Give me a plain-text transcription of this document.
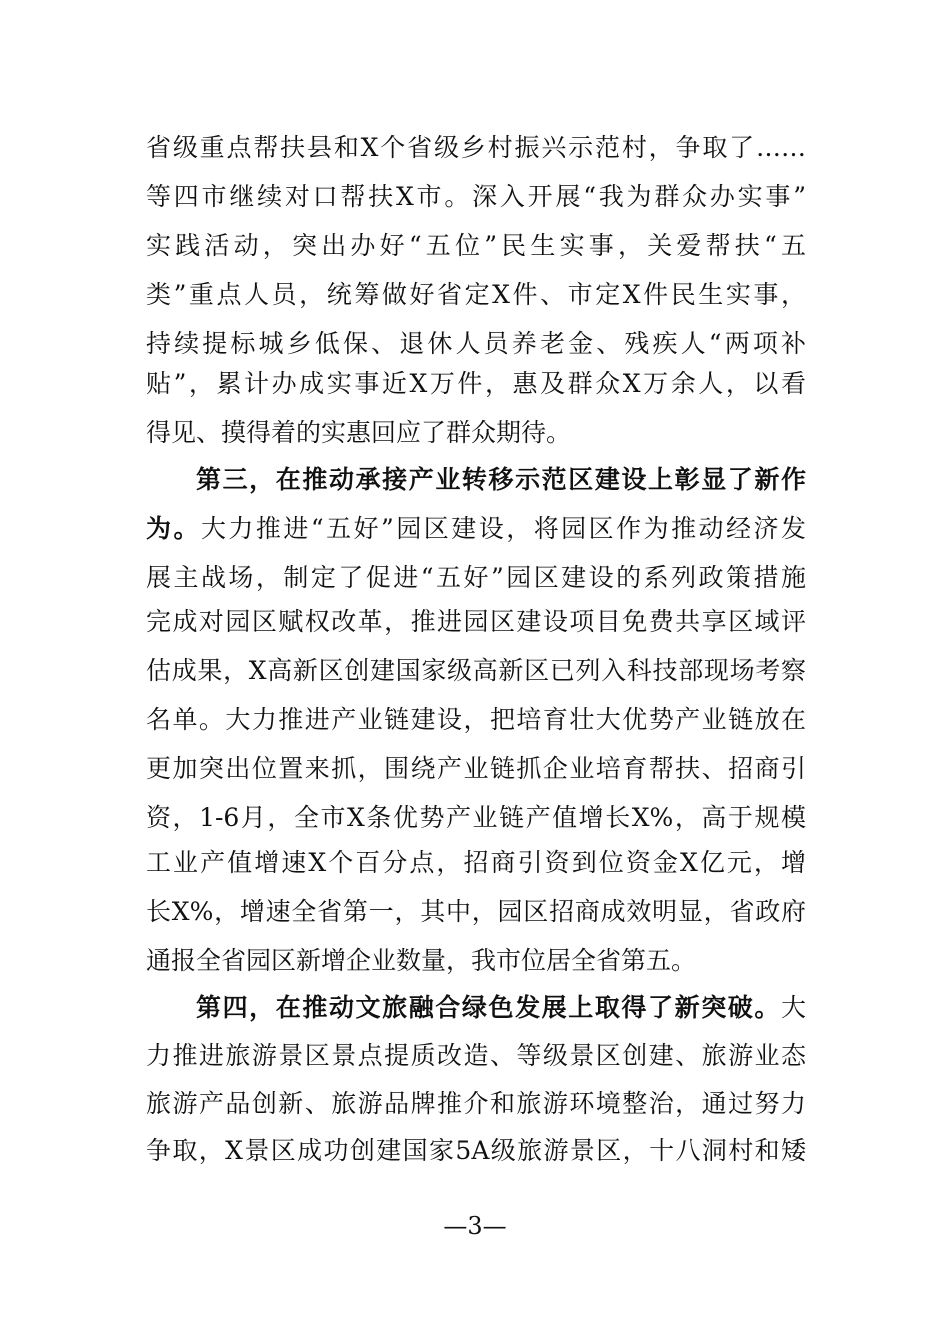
省级重点帮扶县和X个省级乡村振兴示范村，争取了……
等四市继续对口帮扶X市。深入开展“我为群众办实事”
实践活动，突出办好“五位”民生实事，关爱帮扶“五
类”重点人员，统筹做好省定X件、市定X件民生实事，
持续提标城乡低保、退休人员养老金、残疾人“两项补
贴”，累计办成实事近X万件，惠及群众X万余人，以看
得见、摸得着的实惠回应了群众期待。
第三，在推动承接产业转移示范区建设上彰显了新作
为。大力推进“五好”园区建设，将园区作为推动经济发
展主战场，制定了促进“五好”园区建设的系列政策措施
完成对园区赋权改革，推进园区建设项目免费共享区域评
估成果，X高新区创建国家级高新区已列入科技部现场考察
名单。大力推进产业链建设，把培育壮大优势产业链放在
更加突出位置来抓，围绕产业链抓企业培育帮扶、招商引
资，1-6月，全市X条优势产业链产值增长X%，高于规模
工业产值增速X个百分点，招商引资到位资金X亿元，增
长X%，增速全省第一，其中，园区招商成效明显，省政府
通报全省园区新增企业数量，我市位居全省第五。
第四，在推动文旅融合绿色发展上取得了新突破。大
力推进旅游景区景点提质改造、等级景区创建、旅游业态
旅游产品创新、旅游品牌推介和旅游环境整治，通过努力
争取，X景区成功创建国家5A级旅游景区，十八洞村和矮
—3—
